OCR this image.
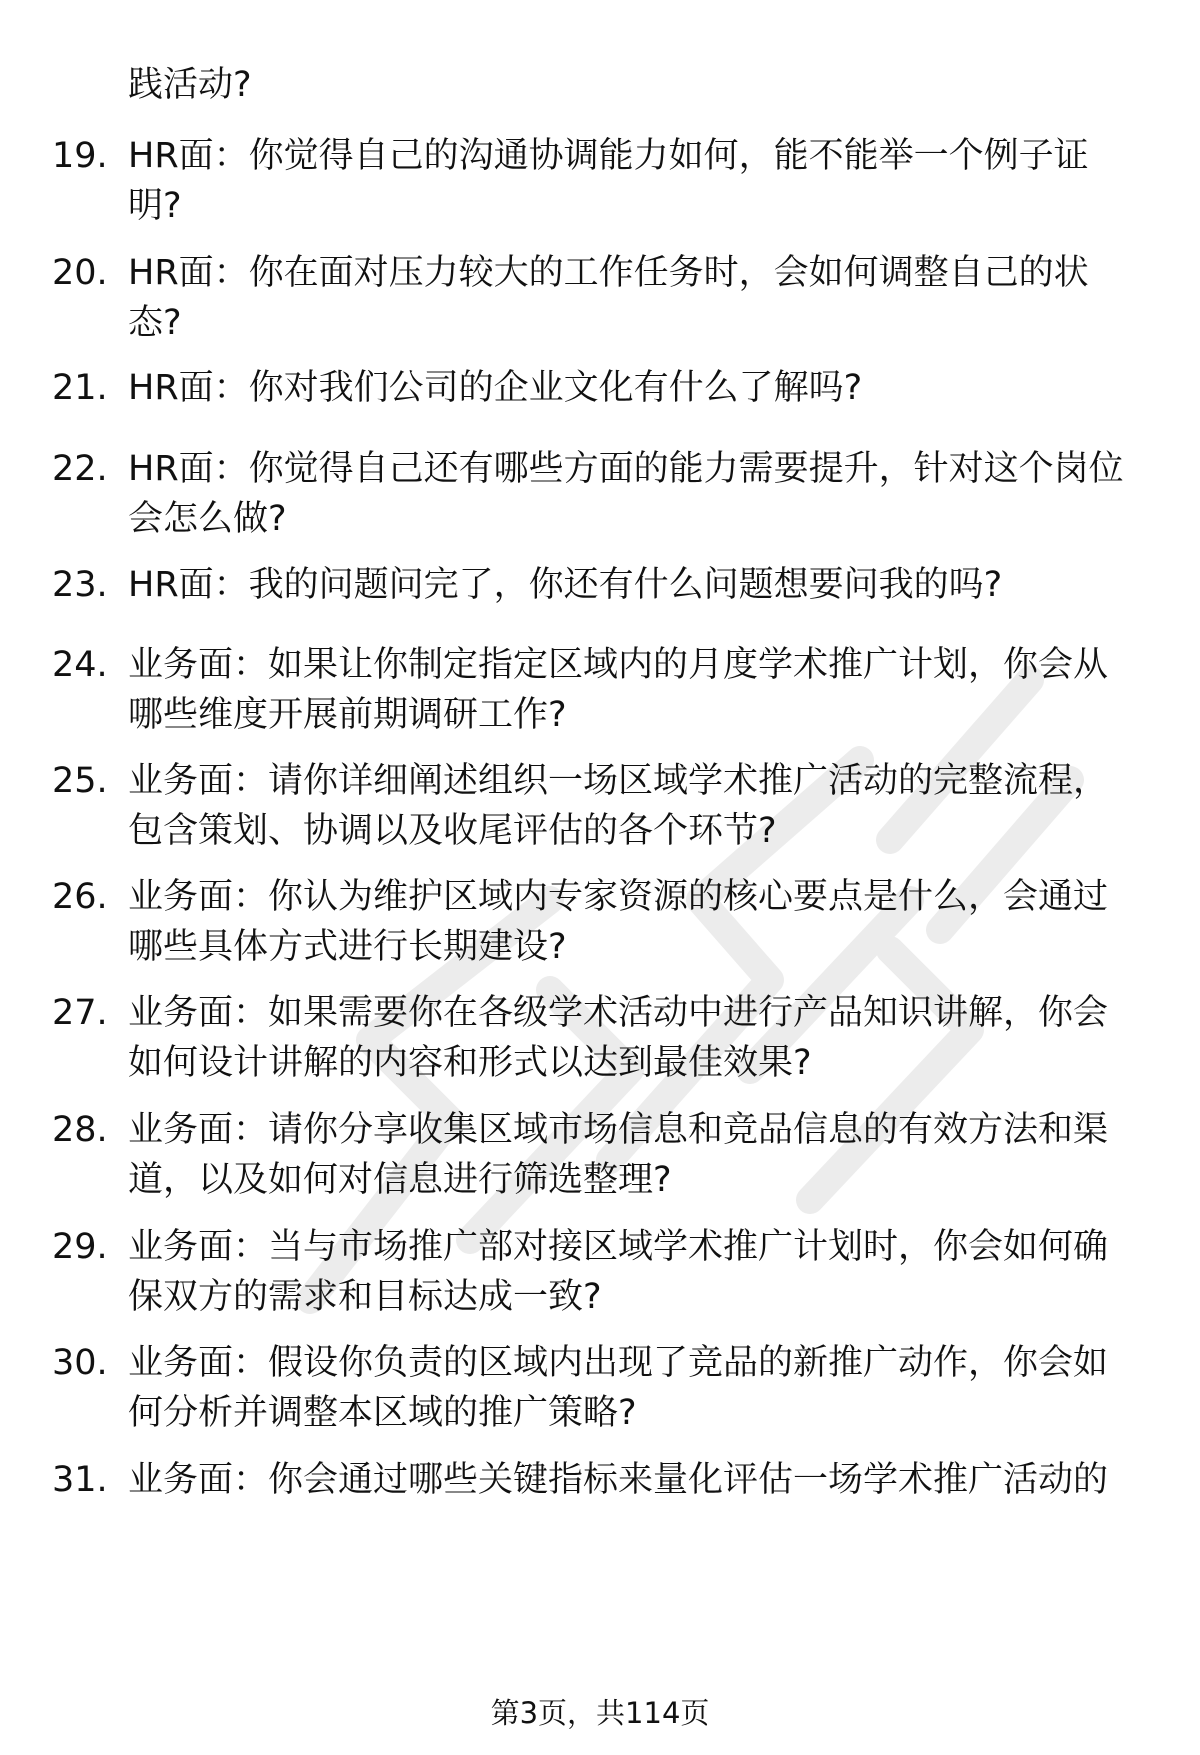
践活动?
19. HR面：你觉得自己的沟通协调能力如何，能不能举一个例子证
明?
20. HR面：你在面对压力较大的工作任务时，会如何调整自己的状
态?
21. HR面：你对我们公司的企业文化有什么了解吗?
22. HR面：你觉得自己还有哪些方面的能力需要提升，针对这个岗位
会怎么做?
23. HR面：我的问题问完了，你还有什么问题想要问我的吗?
24. 业务面：如果让你制定指定区域内的月度学术推广计划，你会从
哪些维度开展前期调研工作?
25. 业务面：请你详细阐述组织一场区域学术推广活动的完整流程，
包含策划、协调以及收尾评估的各个环节?
26. 业务面：你认为维护区域内专家资源的核心要点是什么，会通过
哪些具体方式进行长期建设?
27. 业务面：如果需要你在各级学术活动中进行产品知识讲解，你会
如何设计讲解的内容和形式以达到最佳效果?
28. 业务面：请你分享收集区域市场信息和竞品信息的有效方法和渠
道，以及如何对信息进行筛选整理?
29. 业务面：当与市场推广部对接区域学术推广计划时，你会如何确
保双方的需求和目标达成一致?
30. 业务面：假设你负责的区域内出现了竞品的新推广动作，你会如
何分析并调整本区域的推广策略?
31. 业务面：你会通过哪些关键指标来量化评估一场学术推广活动的
第3页，共114页
